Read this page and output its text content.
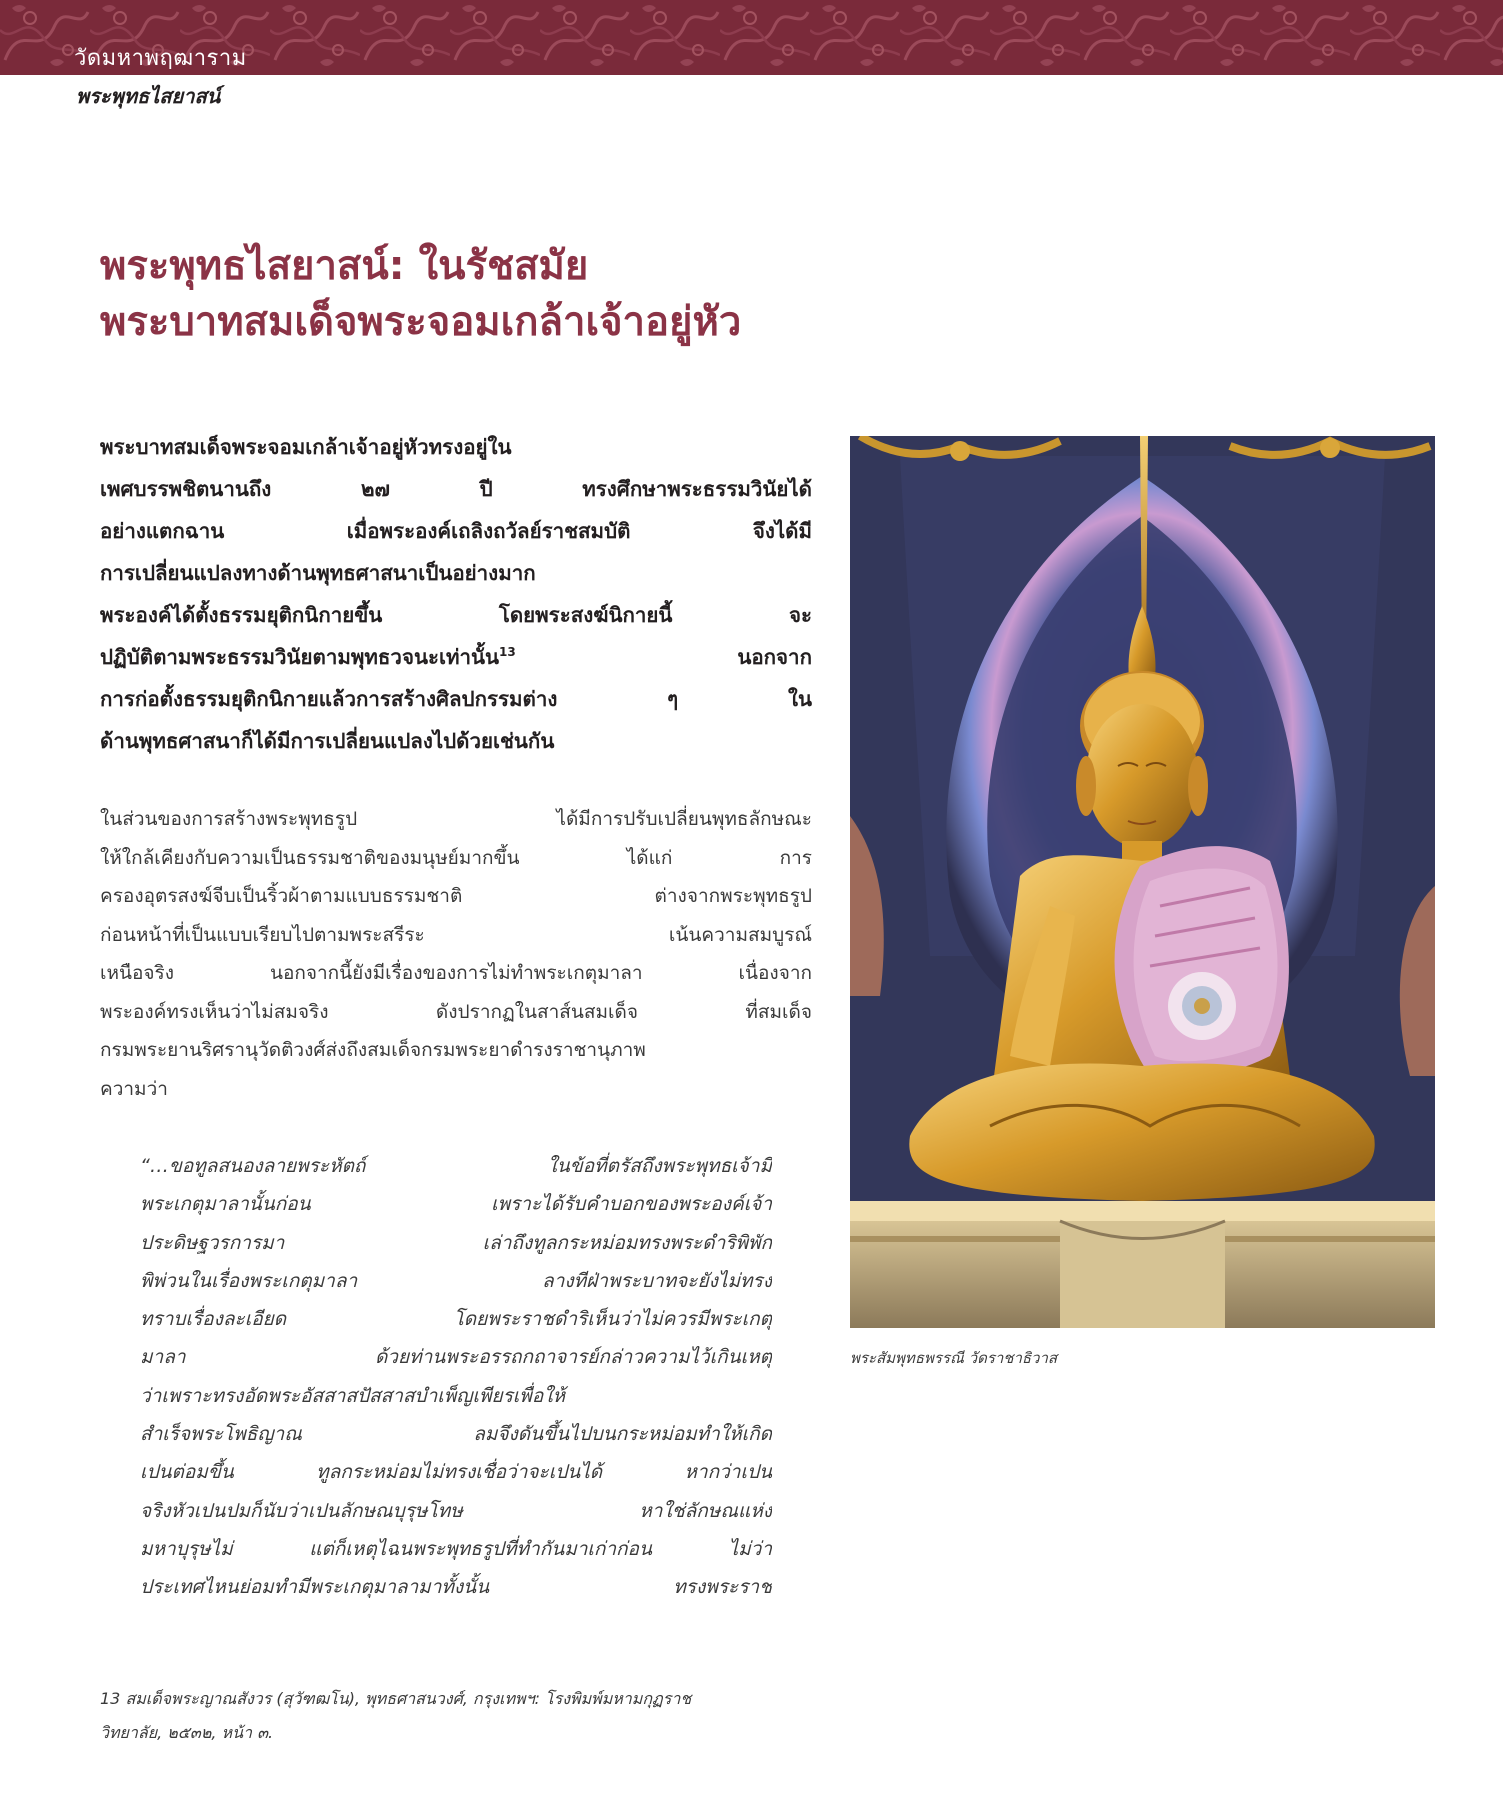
วัดมหาพฤฒาราม
พระพุทธไสยาสน์
พระพุทธไสยาสน์: ในรัชสมัย
พระบาทสมเด็จพระจอมเกล้าเจ้าอยู่หัว
พระบาทสมเด็จพระจอมเกล้าเจ้าอยู่หัวทรงอยู่ใน
เพศบรรพชิตนานถึง ๒๗ ปี ทรงศึกษาพระธรรมวินัยได้
อย่างแตกฉาน เมื่อพระองค์เถลิงถวัลย์ราชสมบัติ จึงได้มี
การเปลี่ยนแปลงทางด้านพุทธศาสนาเป็นอย่างมาก
พระองค์ได้ตั้งธรรมยุติกนิกายขึ้น โดยพระสงฆ์นิกายนี้ จะ
ปฏิบัติตามพระธรรมวินัยตามพุทธวจนะเท่านั้น$^{13}$	นอกจาก
การก่อตั้งธรรมยุติกนิกายแล้วการสร้างศิลปกรรมต่าง ๆ ใน
ด้านพุทธศาสนาก็ได้มีการเปลี่ยนแปลงไปด้วยเช่นกัน
ในส่วนของการสร้างพระพุทธรูป ได้มีการปรับเปลี่ยนพุทธลักษณะ
ให้ใกล้เคียงกับความเป็นธรรมชาติของมนุษย์มากขึ้น ได้แก่ การ
ครองอุตรสงฆ์จีบเป็นริ้วผ้าตามแบบธรรมชาติ ต่างจากพระพุทธรูป
ก่อนหน้าที่เป็นแบบเรียบไปตามพระสรีระ เน้นความสมบูรณ์
เหนือจริง นอกจากนี้ยังมีเรื่องของการไม่ทำพระเกตุมาลา เนื่องจาก
พระองค์ทรงเห็นว่าไม่สมจริง ดังปรากฏในสาส์นสมเด็จ ที่สมเด็จ
กรมพระยานริศรานุวัดติวงศ์ส่งถึงสมเด็จกรมพระยาดำรงราชานุภาพ
ความว่า
“…ขอทูลสนองลายพระหัตถ์ ในข้อที่ตรัสถึงพระพุทธเจ้ามี
พระเกตุมาลานั้นก่อน เพราะได้รับคำบอกของพระองค์เจ้า
ประดิษฐวรการมา เล่าถึงทูลกระหม่อมทรงพระดำริพิพัก
พิพ่วนในเรื่องพระเกตุมาลา ลางทีฝ่าพระบาทจะยังไม่ทรง
ทราบเรื่องละเอียด โดยพระราชดำริเห็นว่าไม่ควรมีพระเกตุ
มาลา ด้วยท่านพระอรรถกถาจารย์กล่าวความไว้เกินเหตุ
ว่าเพราะทรงอัดพระอัสสาสปัสสาสบำเพ็ญเพียรเพื่อให้
สำเร็จพระโพธิญาณ ลมจึงดันขึ้นไปบนกระหม่อมทำให้เกิด
เปนต่อมขึ้น ทูลกระหม่อมไม่ทรงเชื่อว่าจะเปนได้ หากว่าเปน
จริงหัวเปนปมก็นับว่าเปนลักษณบุรุษโทษ หาใช่ลักษณแห่ง
มหาบุรุษไม่ แต่ก็เหตุไฉนพระพุทธรูปที่ทำกันมาเก่าก่อน ไม่ว่า
ประเทศไหนย่อมทำมีพระเกตุมาลามาทั้งนั้น ทรงพระราช
13 สมเด็จพระญาณสังวร (สุวัฑฒโน), พุทธศาสนวงศ์, กรุงเทพฯ: โรงพิมพ์มหามกุฏราช
วิทยาลัย, ๒๕๓๒, หน้า ๓.
พระสัมพุทธพรรณี วัดราชาธิวาส
